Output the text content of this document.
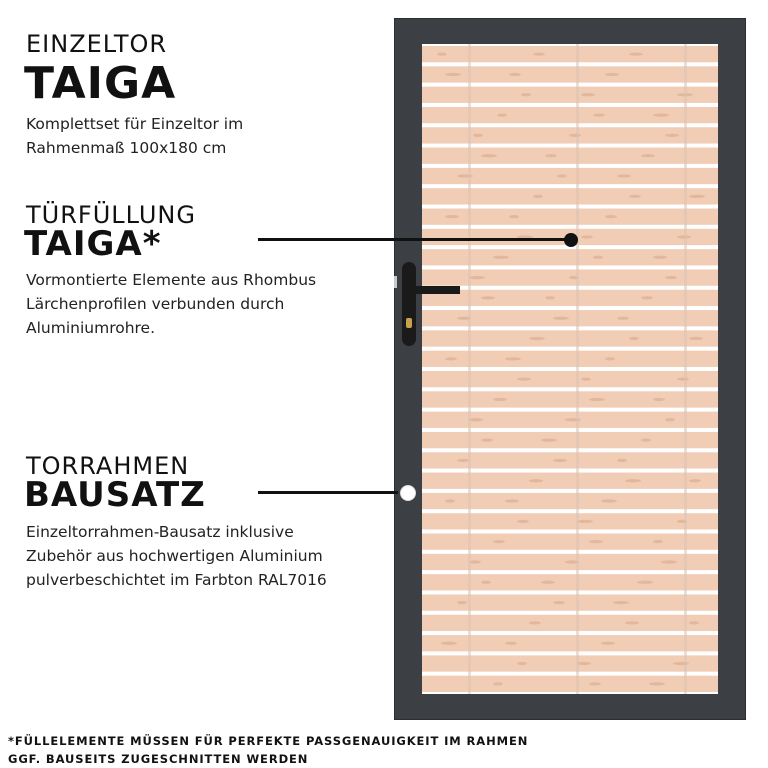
EINZELTOR
TAIGA
Komplettset für Einzeltor im
Rahmenmaß 100x180 cm
TÜRFÜLLUNG
TAIGA*
Vormontierte Elemente aus Rhombus
Lärchenprofilen verbunden durch
Aluminiumrohre.
TORRAHMEN
BAUSATZ
Einzeltorrahmen-Bausatz inklusive
Zubehör aus hochwertigen Aluminium
pulverbeschichtet im Farbton RAL7016
*FÜLLELEMENTE MÜSSEN FÜR PERFEKTE PASSGENAUIGKEIT IM RAHMEN
GGF. BAUSEITS ZUGESCHNITTEN WERDEN
